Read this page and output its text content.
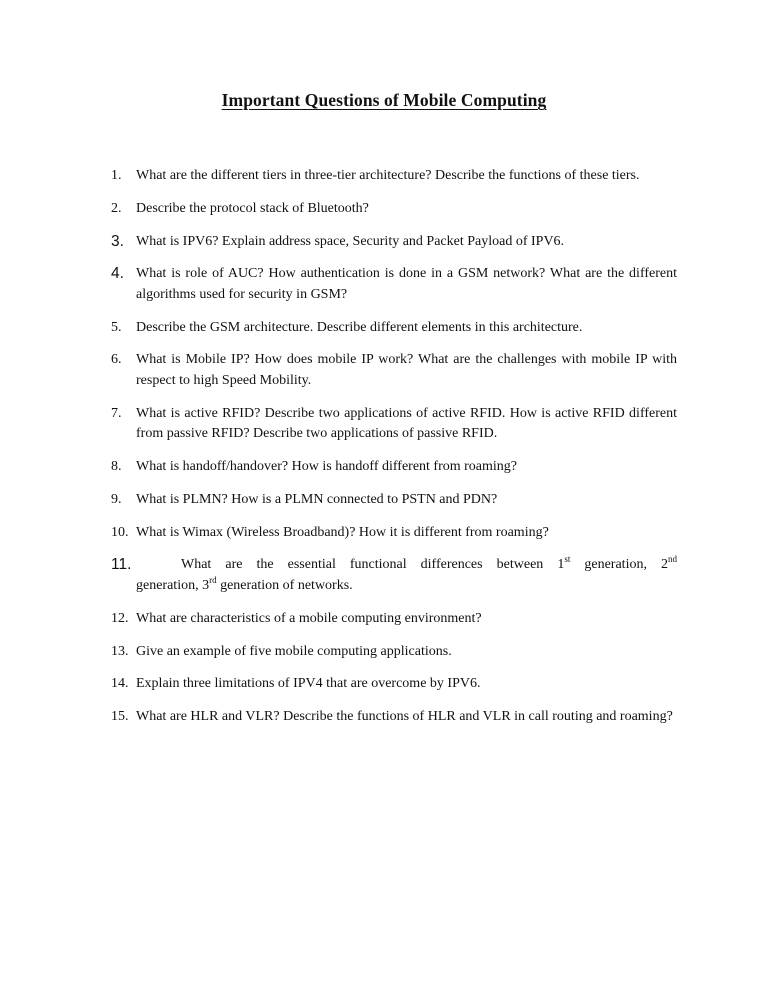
Important Questions of Mobile Computing
1.	What are the different tiers in three-tier architecture? Describe the functions of these tiers.
2.	Describe the protocol stack of Bluetooth?
3. What is IPV6? Explain address space, Security and Packet Payload of IPV6.
4. What is role of AUC? How authentication is done in a GSM network? What are the different algorithms used for security in GSM?
5.	Describe the GSM architecture. Describe different elements in this architecture.
6.	What is Mobile IP? How does mobile IP work? What are the challenges with mobile IP with respect to high Speed Mobility.
7.	What is active RFID? Describe two applications of active RFID. How is active RFID different from passive RFID? Describe two applications of passive RFID.
8.	What is handoff/handover? How is handoff different from roaming?
9.	What is PLMN? How is a PLMN connected to PSTN and PDN?
10. What is Wimax (Wireless Broadband)? How it is different from roaming?
11.	What are the essential functional differences between 1st generation, 2nd
generation, 3rd generation of networks.
12. What are characteristics of a mobile computing environment?
13. Give an example of five mobile computing applications.
14. Explain three limitations of IPV4 that are overcome by IPV6.
15. What are HLR and VLR? Describe the functions of HLR and VLR in call routing and roaming?
